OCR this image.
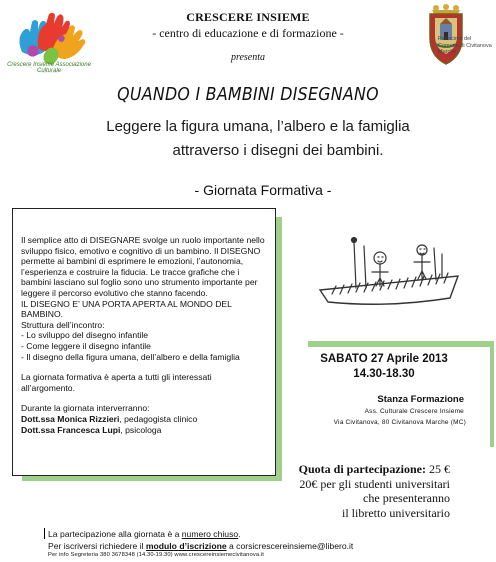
Crescere Insieme Associazione Culturale
CRESCERE INSIEME
- centro di educazione e di formazione -
presenta
Patrocinio del Comune di Civitanova Marche
QUANDO I BAMBINI DISEGNANO
Leggere la figura umana, l’albero e la famiglia
attraverso i disegni dei bambini.
- Giornata Formativa -

Il semplice atto di DISEGNARE svolge un ruolo importante nello sviluppo fisico, emotivo e cognitivo di un bambino. Il DISEGNO permette ai bambini di esprimere le emozioni, l’autonomia, l’esperienza e costruire la fiducia. Le tracce grafiche che i bambini lasciano sul foglio sono uno strumento importante per leggere il percorso evolutivo che stanno facendo.

IL DISEGNO E’ UNA PORTA APERTA AL MONDO DEL BAMBINO.

Struttura dell’incontro:

- Lo sviluppo del disegno infantile

- Come leggere il disegno infantile

- Il disegno della figura umana, dell’albero e della famiglia

La giornata formativa è aperta a tutti gli interessati all’argomento.

Durante la giornata interverranno:

Dott.ssa Monica Rizzieri, pedagogista clinico

Dott.ssa Francesca Lupi, psicologa

SABATO 27 Aprile 2013
14.30-18.30
Stanza Formazione
Ass. Culturale Crescere Insieme
Via Civitanova, 80 Civitanova Marche (MC)
Quota di partecipazione: 25 €
20€ per gli studenti universitari
che presenteranno
il libretto universitario
La partecipazione alla giornata è a numero chiuso.
Per iscriversi richiedere il modulo d’iscrizione a corsicrescereinsieme@libero.it
Per info Segreteria 380 3678348 (14.30-19.30) www.crescereinsiemecivitanova.it
